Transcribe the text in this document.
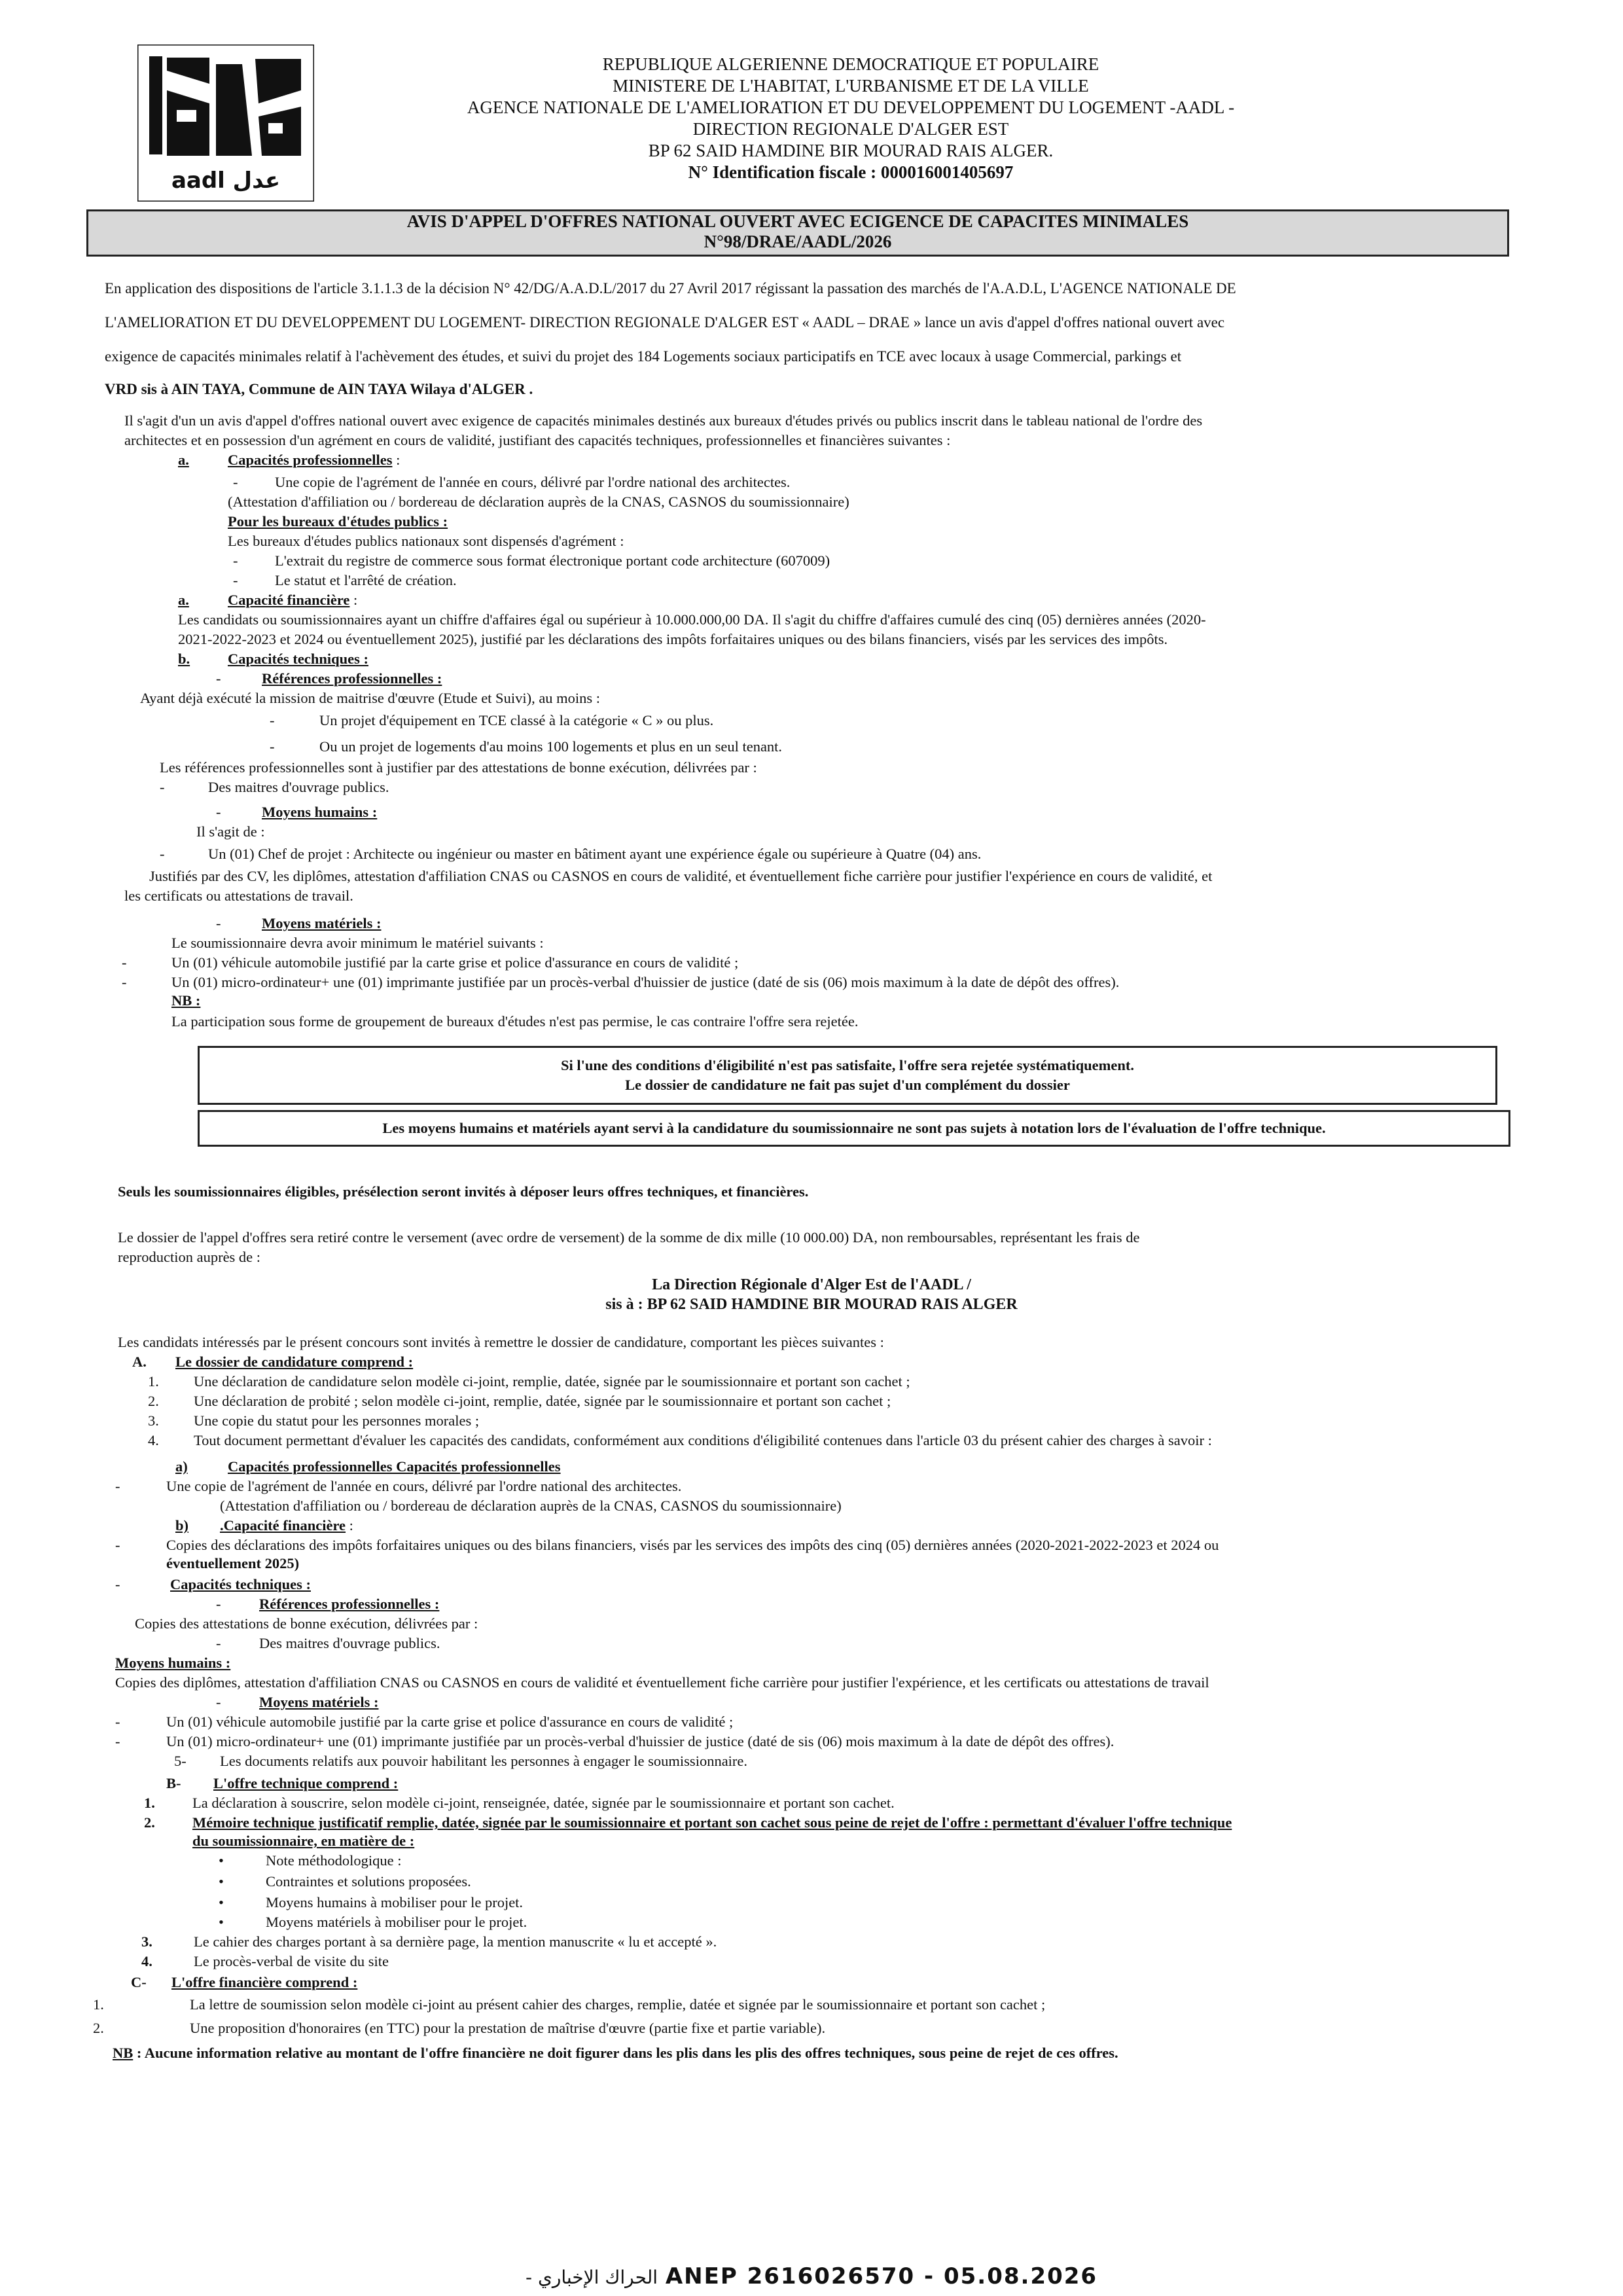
aadl عدل
REPUBLIQUE ALGERIENNE DEMOCRATIQUE ET POPULAIRE
MINISTERE DE L'HABITAT, L'URBANISME ET DE LA VILLE
AGENCE NATIONALE DE L'AMELIORATION ET DU DEVELOPPEMENT DU LOGEMENT -AADL -
DIRECTION REGIONALE D'ALGER EST
BP 62 SAID HAMDINE BIR MOURAD RAIS ALGER.
N° Identification fiscale : 000016001405697
AVIS D'APPEL D'OFFRES NATIONAL OUVERT AVEC ECIGENCE DE CAPACITES MINIMALES
N°98/DRAE/AADL/2026
En application des dispositions de l'article 3.1.1.3 de la décision N° 42/DG/A.A.D.L/2017 du 27 Avril 2017 régissant la passation des marchés de l'A.A.D.L, L'AGENCE NATIONALE DE
L'AMELIORATION ET DU DEVELOPPEMENT DU LOGEMENT- DIRECTION REGIONALE D'ALGER EST « AADL – DRAE » lance un avis d'appel d'offres national ouvert avec
exigence de capacités minimales relatif à l'achèvement des études, et suivi du projet des 184 Logements sociaux participatifs en TCE avec locaux à usage Commercial, parkings et
VRD sis à AIN TAYA, Commune de AIN TAYA Wilaya d'ALGER .
Il s'agit d'un un avis d'appel d'offres national ouvert avec exigence de capacités minimales destinés aux bureaux d'études privés ou publics inscrit dans le tableau national de l'ordre des
architectes et en possession d'un agrément en cours de validité, justifiant des capacités techniques, professionnelles et financières suivantes :
a.	Capacités professionnelles :
-	Une copie de l'agrément de l'année en cours, délivré par l'ordre national des architectes.
(Attestation d'affiliation ou / bordereau de déclaration auprès de la CNAS, CASNOS du soumissionnaire)
Pour les bureaux d'études publics :
Les bureaux d'études publics nationaux sont dispensés d'agrément :
-	L'extrait du registre de commerce sous format électronique portant code architecture (607009)
-	Le statut et l'arrêté de création.
a.	Capacité financière :
Les candidats ou soumissionnaires ayant un chiffre d'affaires égal ou supérieur à 10.000.000,00 DA. Il s'agit du chiffre d'affaires cumulé des cinq (05) dernières années (2020-
2021-2022-2023 et 2024 ou éventuellement 2025), justifié par les déclarations des impôts forfaitaires uniques ou des bilans financiers, visés par les services des impôts.
b.	Capacités techniques :
-	Références professionnelles :
Ayant déjà exécuté la mission de maitrise d'œuvre (Etude et Suivi), au moins :
-	Un projet d'équipement en TCE classé à la catégorie « C » ou plus.
-	Ou un projet de logements d'au moins 100 logements et plus en un seul tenant.
Les références professionnelles sont à justifier par des attestations de bonne exécution, délivrées par :
-	Des maitres d'ouvrage publics.
-	Moyens humains :
Il s'agit de :
-	Un (01) Chef de projet : Architecte ou ingénieur ou master en bâtiment ayant une expérience égale ou supérieure à Quatre (04) ans.
Justifiés par des CV, les diplômes, attestation d'affiliation CNAS ou CASNOS en cours de validité, et éventuellement fiche carrière pour justifier l'expérience en cours de validité, et
les certificats ou attestations de travail.
-	Moyens matériels :
Le soumissionnaire devra avoir minimum le matériel suivants :
-	Un (01) véhicule automobile justifié par la carte grise et police d'assurance en cours de validité ;
-	Un (01) micro-ordinateur+ une (01) imprimante justifiée par un procès-verbal d'huissier de justice (daté de sis (06) mois maximum à la date de dépôt des offres).
NB :
La participation sous forme de groupement de bureaux d'études n'est pas permise, le cas contraire l'offre sera rejetée.
Si l'une des conditions d'éligibilité n'est pas satisfaite, l'offre sera rejetée systématiquement.
Le dossier de candidature ne fait pas sujet d'un complément du dossier
Les moyens humains et matériels ayant servi à la candidature du soumissionnaire ne sont pas sujets à notation lors de l'évaluation de l'offre technique.
Seuls les soumissionnaires éligibles, présélection seront invités à déposer leurs offres techniques, et financières.
Le dossier de l'appel d'offres sera retiré contre le versement (avec ordre de versement) de la somme de dix mille (10 000.00) DA, non remboursables, représentant les frais de
reproduction auprès de :
La Direction Régionale d'Alger Est de l'AADL /
sis à : BP 62 SAID HAMDINE BIR MOURAD RAIS ALGER
Les candidats intéressés par le présent concours sont invités à remettre le dossier de candidature, comportant les pièces suivantes :
A. Le dossier de candidature comprend :
1. Une déclaration de candidature selon modèle ci-joint, remplie, datée, signée par le soumissionnaire et portant son cachet ;
2. Une déclaration de probité ; selon modèle ci-joint, remplie, datée, signée par le soumissionnaire et portant son cachet ;
3. Une copie du statut pour les personnes morales ;
4. Tout document permettant d'évaluer les capacités des candidats, conformément aux conditions d'éligibilité contenues dans l'article 03 du présent cahier des charges à savoir :
a)	Capacités professionnelles Capacités professionnelles
-	Une copie de l'agrément de l'année en cours, délivré par l'ordre national des architectes.
(Attestation d'affiliation ou / bordereau de déclaration auprès de la CNAS, CASNOS du soumissionnaire)
b) .Capacité financière :
-	Copies des déclarations des impôts forfaitaires uniques ou des bilans financiers, visés par les services des impôts des cinq (05) dernières années (2020-2021-2022-2023 et 2024 ou
éventuellement 2025)
-	Capacités techniques :
-	Références professionnelles :
Copies des attestations de bonne exécution, délivrées par :
-	Des maitres d'ouvrage publics.
Moyens humains :
Copies des diplômes, attestation d'affiliation CNAS ou CASNOS en cours de validité et éventuellement fiche carrière pour justifier l'expérience, et les certificats ou attestations de travail
-	Moyens matériels :
-	Un (01) véhicule automobile justifié par la carte grise et police d'assurance en cours de validité ;
-	Un (01) micro-ordinateur+ une (01) imprimante justifiée par un procès-verbal d'huissier de justice (daté de sis (06) mois maximum à la date de dépôt des offres).
5- Les documents relatifs aux pouvoir habilitant les personnes à engager le soumissionnaire.
B- L'offre technique comprend :
1.	La déclaration à souscrire, selon modèle ci-joint, renseignée, datée, signée par le soumissionnaire et portant son cachet.
2.	Mémoire technique justificatif remplie, datée, signée par le soumissionnaire et portant son cachet sous peine de rejet de l'offre : permettant d'évaluer l'offre technique
du soumissionnaire, en matière de :
•	Note méthodologique :
•	Contraintes et solutions proposées.
•	Moyens humains à mobiliser pour le projet.
•	Moyens matériels à mobiliser pour le projet.
3.	Le cahier des charges portant à sa dernière page, la mention manuscrite « lu et accepté ».
4.	Le procès-verbal de visite du site
C- L'offre financière comprend :
1.	La lettre de soumission selon modèle ci-joint au présent cahier des charges, remplie, datée et signée par le soumissionnaire et portant son cachet ;
2.	Une proposition d'honoraires (en TTC) pour la prestation de maîtrise d'œuvre (partie fixe et partie variable).
NB : Aucune information relative au montant de l'offre financière ne doit figurer dans les plis dans les plis des offres techniques, sous peine de rejet de ces offres.
الحراك الإخباري - ANEP 2616026570 - 05.08.2026
